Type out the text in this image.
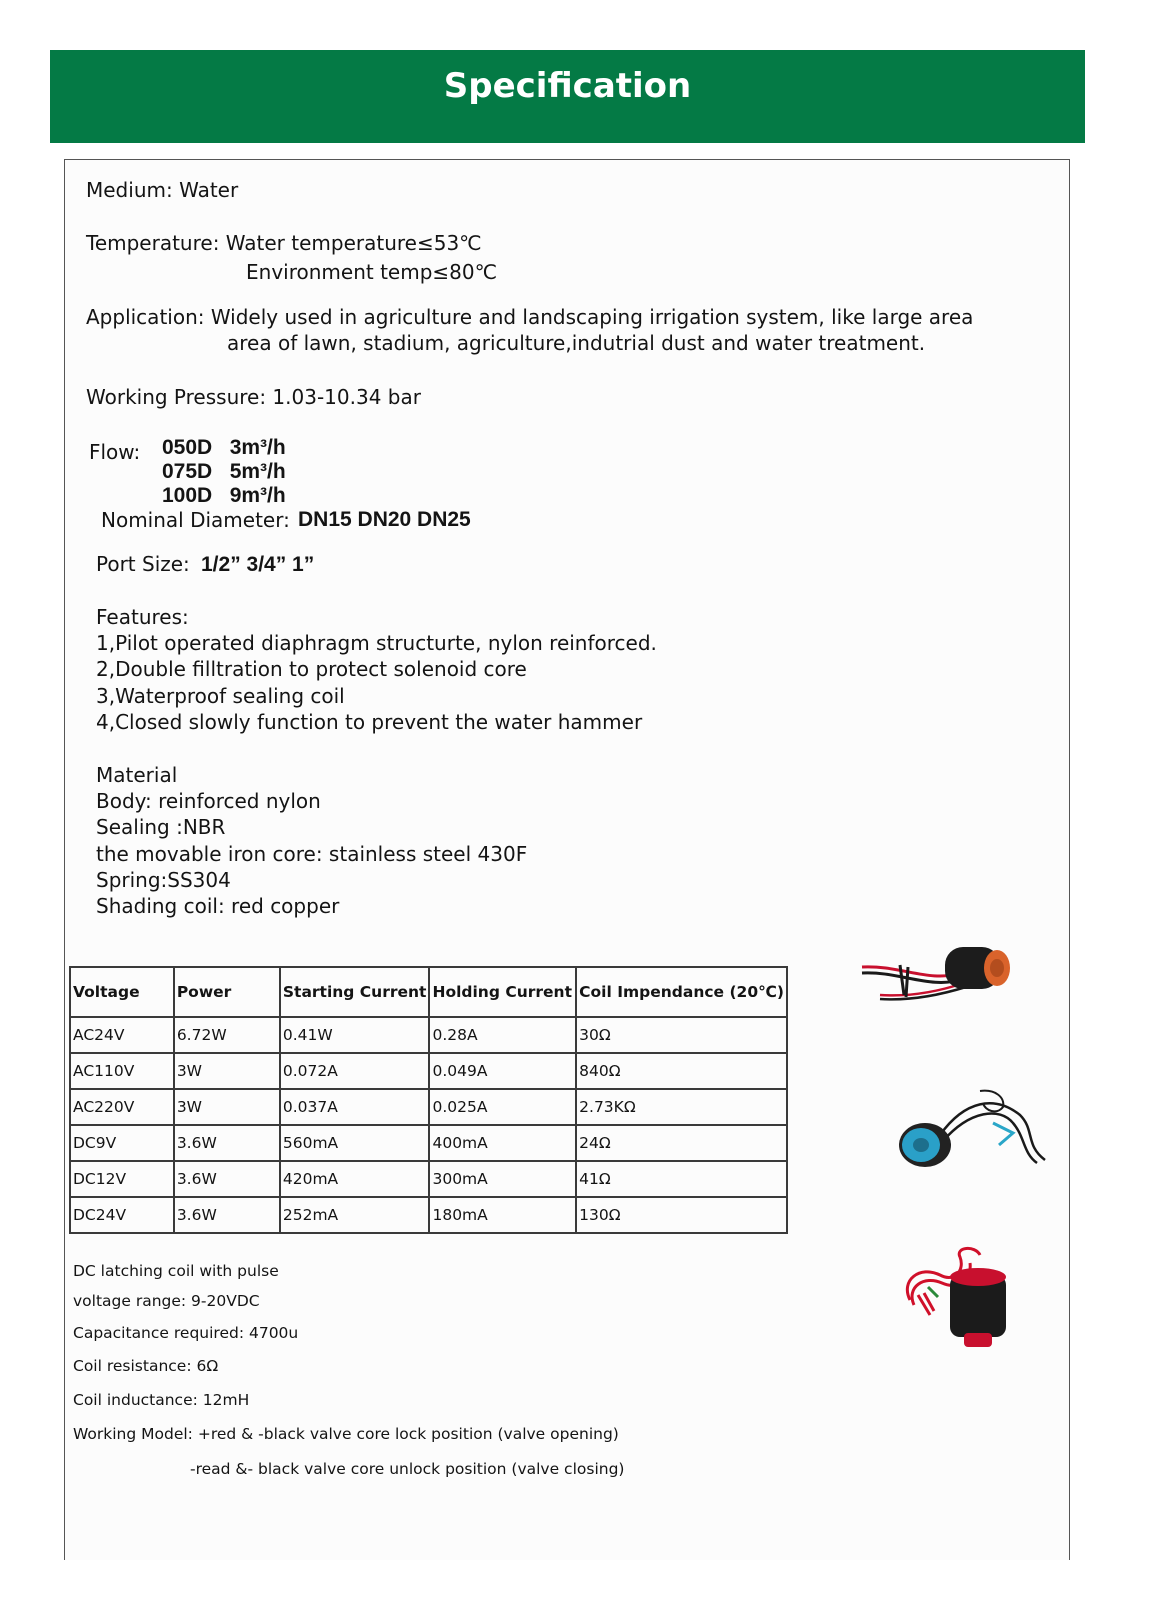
Specification
Medium: Water
Temperature: Water temperature≤53℃
Environment temp≤80℃
Application: Widely used in agriculture and landscaping irrigation system, like large area
area of lawn, stadium, agriculture,indutrial dust and water treatment.
Working Pressure: 1.03-10.34 bar
Flow: 050D   3m³/h
075D   5m³/h
100D   9m³/h
Nominal Diameter: DN15 DN20 DN25
Port Size: 1/2” 3/4” 1”
Features:
1,Pilot operated diaphragm structurte, nylon reinforced.
2,Double filltration to protect solenoid core
3,Waterproof sealing coil
4,Closed slowly function to prevent the water hammer
Material
Body: reinforced nylon
Sealing :NBR
the movable iron core: stainless steel 430F
Spring:SS304
Shading coil: red copper
Voltage	Power	Starting Current	Holding Current	Coil Impendance (20℃)
AC24V	6.72W	0.41W	0.28A	30Ω
AC110V	3W	0.072A	0.049A	840Ω
AC220V	3W	0.037A	0.025A	2.73KΩ
DC9V	3.6W	560mA	400mA	24Ω
DC12V	3.6W	420mA	300mA	41Ω
DC24V	3.6W	252mA	180mA	130Ω
DC latching coil with pulse
voltage range: 9-20VDC
Capacitance required: 4700u
Coil resistance: 6Ω
Coil inductance: 12mH
Working Model: +red & -black valve core lock position (valve opening)
-read &- black valve core unlock position (valve closing)
